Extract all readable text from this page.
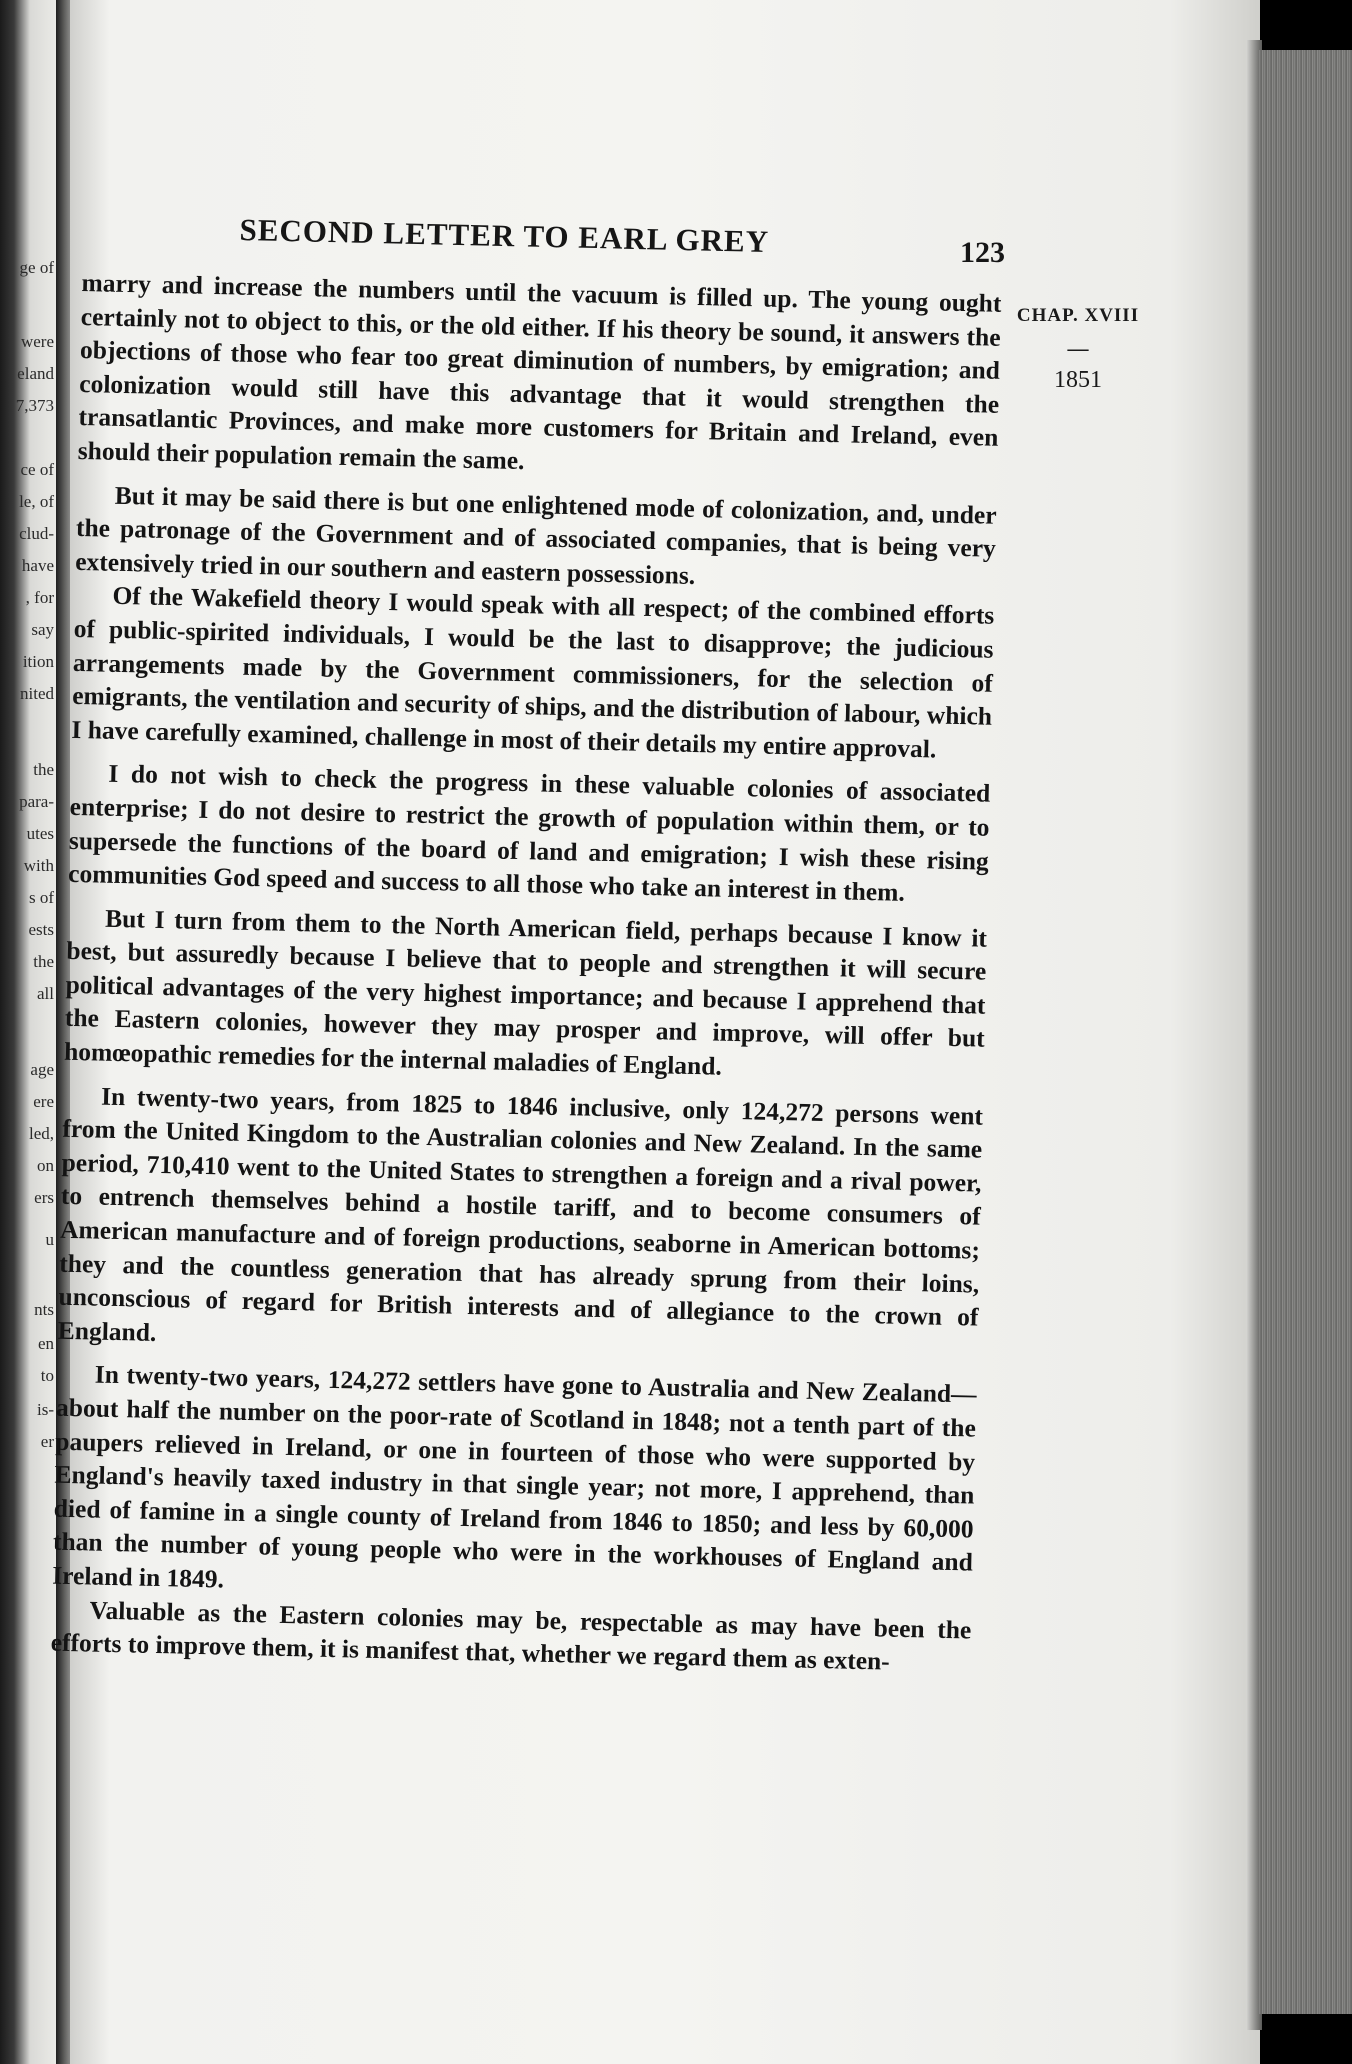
ge of
were
eland
7,373
ce of
le, of
clud-
have
, for
say
ition
nited
the
para-
utes
with
s of
ests
the
all
age
ere
led,
on
ers
u
nts
en
to
is-
er
SECOND LETTER TO EARL GREY	123
CHAP. XVIII
—
1851

marry and increase the numbers until the vacuum is filled up. The young ought certainly not to object to this, or the old either. If his theory be sound, it answers the objections of those who fear too great diminution of numbers, by emigration; and colonization would still have this advantage that it would strengthen the transatlantic Provinces, and make more customers for Britain and Ireland, even should their population remain the same.

But it may be said there is but one enlightened mode of colonization, and, under the patronage of the Government and of associated companies, that is being very extensively tried in our southern and eastern possessions.

Of the Wakefield theory I would speak with all respect; of the combined efforts of public-spirited individuals, I would be the last to disapprove; the judicious arrangements made by the Government commissioners, for the selection of emigrants, the ventilation and security of ships, and the distribution of labour, which I have carefully examined, challenge in most of their details my entire approval.

I do not wish to check the progress in these valuable colonies of associated enterprise; I do not desire to restrict the growth of population within them, or to supersede the functions of the board of land and emigration; I wish these rising communities God speed and success to all those who take an interest in them.

But I turn from them to the North American field, perhaps because I know it best, but assuredly because I believe that to people and strengthen it will secure political advantages of the very highest importance; and because I apprehend that the Eastern colonies, however they may prosper and improve, will offer but homœopathic remedies for the internal maladies of England.

In twenty-two years, from 1825 to 1846 inclusive, only 124,272 persons went from the United Kingdom to the Australian colonies and New Zealand. In the same period, 710,410 went to the United States to strengthen a foreign and a rival power, to entrench themselves behind a hostile tariff, and to become consumers of American manufacture and of foreign productions, seaborne in American bottoms; they and the countless generation that has already sprung from their loins, unconscious of regard for British interests and of allegiance to the crown of England.

In twenty-two years, 124,272 settlers have gone to Australia and New Zealand—about half the number on the poor-rate of Scotland in 1848; not a tenth part of the paupers relieved in Ireland, or one in fourteen of those who were supported by England's heavily taxed industry in that single year; not more, I apprehend, than died of famine in a single county of Ireland from 1846 to 1850; and less by 60,000 than the number of young people who were in the workhouses of England and Ireland in 1849.

Valuable as the Eastern colonies may be, respectable as may have been the efforts to improve them, it is manifest that, whether we regard them as exten-
